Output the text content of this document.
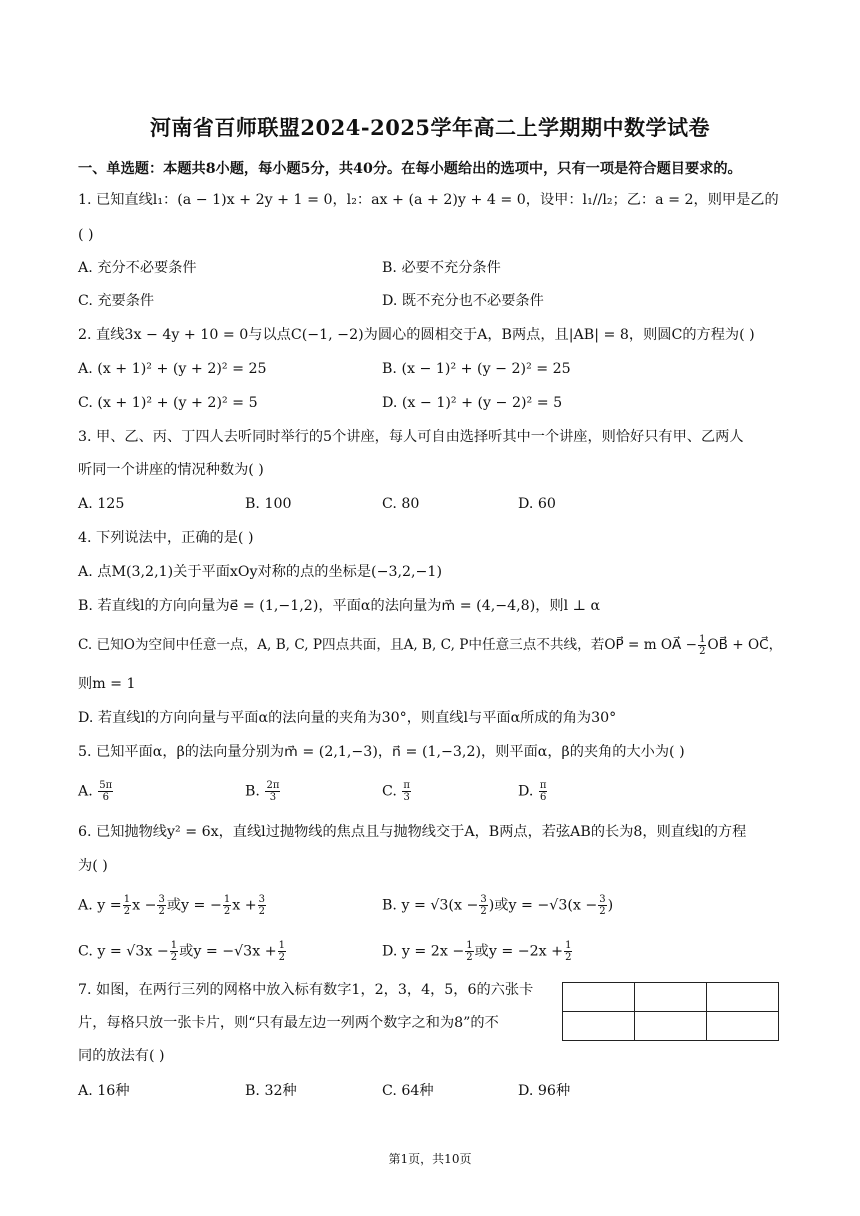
河南省百师联盟2024-2025学年高二上学期期中数学试卷
一、单选题：本题共8小题，每小题5分，共40分。在每小题给出的选项中，只有一项是符合题目要求的。
1. 已知直线l₁：(a − 1)x + 2y + 1 = 0，l₂：ax + (a + 2)y + 4 = 0，设甲：l₁//l₂；乙：a = 2，则甲是乙的
( )
A. 充分不必要条件	B. 必要不充分条件
C. 充要条件	D. 既不充分也不必要条件
2. 直线3x − 4y + 10 = 0与以点C(−1, −2)为圆心的圆相交于A，B两点，且|AB| = 8，则圆C的方程为( )
A. (x + 1)² + (y + 2)² = 25	B. (x − 1)² + (y − 2)² = 25
C. (x + 1)² + (y + 2)² = 5	D. (x − 1)² + (y − 2)² = 5
3. 甲、乙、丙、丁四人去听同时举行的5个讲座，每人可自由选择听其中一个讲座，则恰好只有甲、乙两人
听同一个讲座的情况种数为( )
A. 125	B. 100	C. 80	D. 60
4. 下列说法中，正确的是( )
A. 点M(3,2,1)关于平面xOy对称的点的坐标是(−3,2,−1)
B. 若直线l的方向向量为e⃗ = (1,−1,2)，平面α的法向量为m⃗ = (4,−4,8)，则l ⊥ α
C. 已知O为空间中任意一点，A, B, C, P四点共面，且A, B, C, P中任意三点不共线，若OP⃗ = m OA⃗ − $\frac{1}{2}$ OB⃗ + OC⃗，
则m = 1
D. 若直线l的方向向量与平面α的法向量的夹角为30°，则直线l与平面α所成的角为30°
5. 已知平面α，β的法向量分别为m⃗ = (2,1,−3)，n⃗ = (1,−3,2)，则平面α，β的夹角的大小为( )
A. $\frac{5\pi}{6}$	B. $\frac{2\pi}{3}$	C. $\frac{\pi}{3}$	D. $\frac{\pi}{6}$
6. 已知抛物线y² = 6x，直线l过抛物线的焦点且与抛物线交于A，B两点，若弦AB的长为8，则直线l的方程
为( )
A. $y = \frac{1}{2}$ $x - \frac{3}{2}$ 或y = − $\frac{1}{2}$ $x + \frac{3}{2}$	B. $y = √3(x - \frac{3}{2}$ )或$y = -√3(x - \frac{3}{2}$ )
C. $y = √3x - \frac{1}{2}$ 或$y = -√3x + \frac{1}{2}$	D. $y = 2x - \frac{1}{2}$ 或$y = -2x + \frac{1}{2}$
7. 如图，在两行三列的网格中放入标有数字1，2，3，4，5，6的六张卡
片，每格只放一张卡片，则“只有最左边一列两个数字之和为8”的不
同的放法有( )

A. 16种	B. 32种	C. 64种	D. 96种
第1页，共10页
